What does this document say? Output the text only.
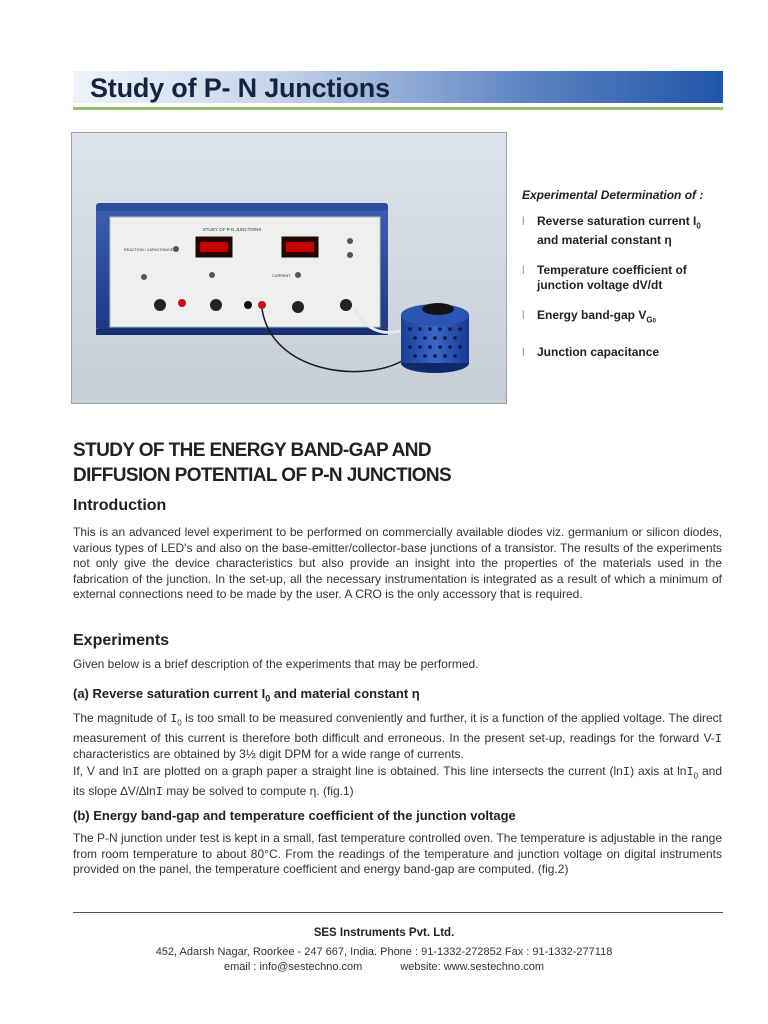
Study of P- N Junctions
STUDY OF P-N JUNCTIONS
REACTION / CAPACITANCE
CURRENT
Experimental Determination of :
l Reverse saturation current $I_0$
and material constant η
l Temperature coefficient of
junction voltage dV/dt
l Energy band-gap $V_{G0}$
l Junction capacitance
STUDY OF THE ENERGY BAND-GAP AND
DIFFUSION POTENTIAL OF P-N JUNCTIONS
Introduction
This is an advanced level experiment to be performed on commercially available diodes viz. germanium or silicon diodes, various types of LED's and also on the base-emitter/collector-base junctions of a transistor. The results of the experiments not only give the device characteristics but also provide an insight into the properties of the materials used in the fabrication of the junction. In the set-up, all the necessary instrumentation is integrated as a result of which a minimum of external connections need to be made by the user. A CRO is the only accessory that is required.
Experiments
Given below is a brief description of the experiments that may be performed.
(a) Reverse saturation current $I_0$ and material constant η
The magnitude of $I_0$ is too small to be measured conveniently and further, it is a function of the applied voltage. The direct measurement of this current is therefore both difficult and erroneous. In the present set-up, readings for the forward V-I characteristics are obtained by 3½ digit DPM for a wide range of currents.
If, V and lnI are plotted on a graph paper a straight line is obtained. This line intersects the current (lnI) axis at lnI$_0$ and its slope ∆V/∆lnI may be solved to compute η. (fig.1)
(b) Energy band-gap and temperature coefficient of the junction voltage
The P-N junction under test is kept in a small, fast temperature controlled oven. The temperature is adjustable in the range from room temperature to about 80°C. From the readings of the temperature and junction voltage on digital instruments provided on the panel, the temperature coefficient and energy band-gap are computed. (fig.2)
SES Instruments Pvt. Ltd.
452, Adarsh Nagar, Roorkee - 247 667, India. Phone : 91-1332-272852 Fax : 91-1332-277118
email : info@sestechno.com	website: www.sestechno.com
